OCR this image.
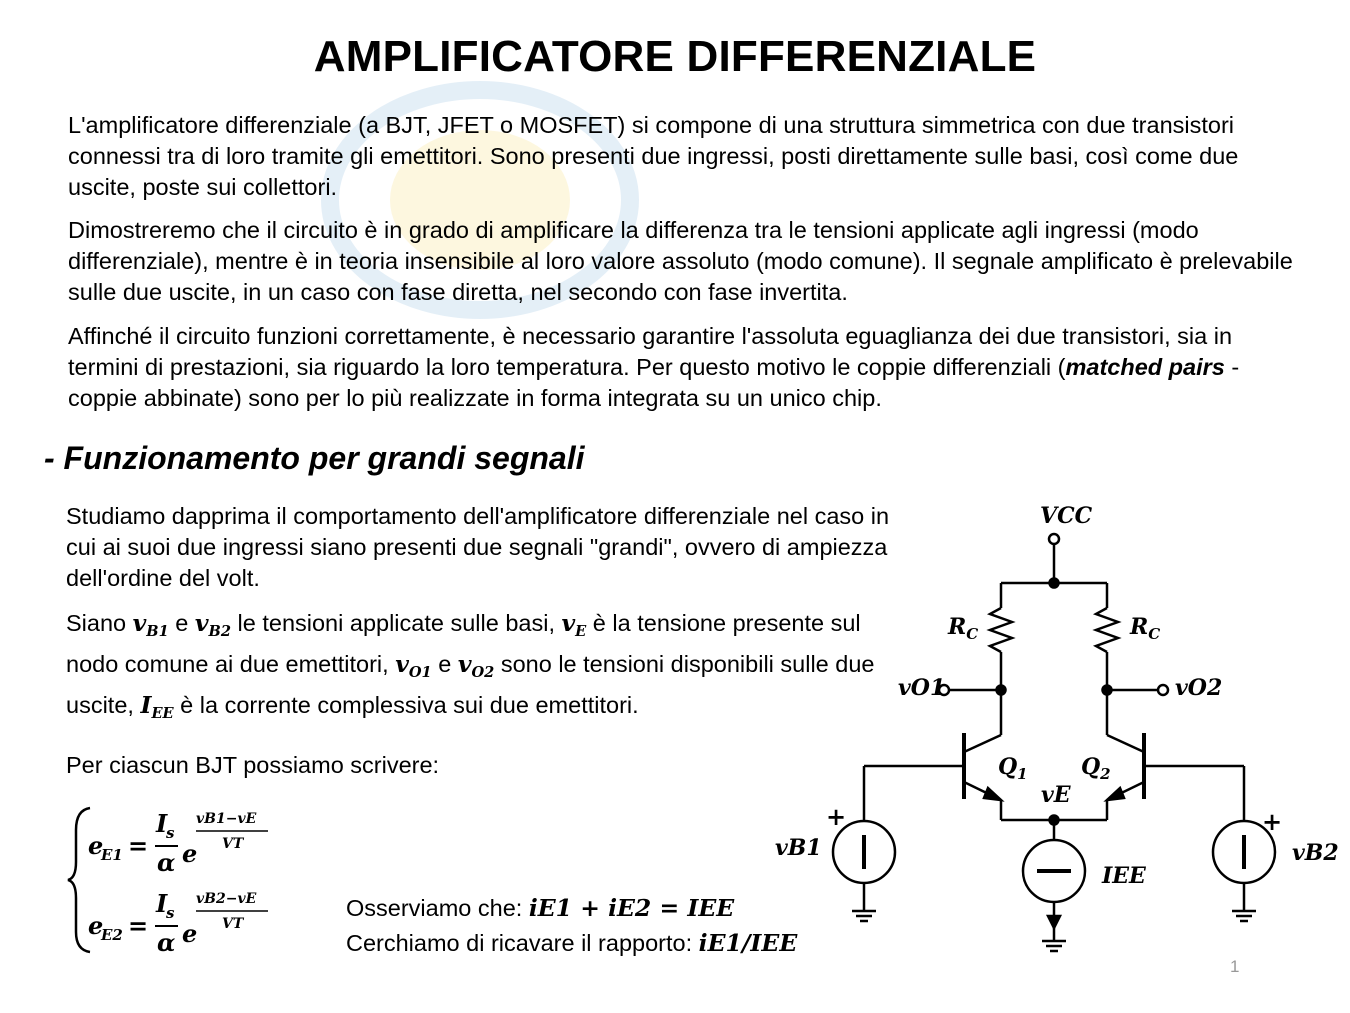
AMPLIFICATORE DIFFERENZIALE
L'amplificatore differenziale (a BJT, JFET o MOSFET) si compone di una struttura simmetrica con due transistori connessi tra di loro tramite gli emettitori. Sono presenti due ingressi, posti direttamente sulle basi, così come due uscite, poste sui collettori.
Dimostreremo che il circuito è in grado di amplificare la differenza tra le tensioni applicate agli ingressi (modo differenziale), mentre è in teoria insensibile al loro valore assoluto (modo comune). Il segnale amplificato è prelevabile sulle due uscite, in un caso con fase diretta, nel secondo con fase invertita.
Affinché il circuito funzioni correttamente, è necessario garantire l'assoluta eguaglianza dei due transistori, sia in termini di prestazioni, sia riguardo la loro temperatura. Per questo motivo le coppie differenziali (matched pairs - coppie abbinate) sono per lo più realizzate in forma integrata su un unico chip.
- Funzionamento per grandi segnali
Studiamo dapprima il comportamento dell'amplificatore differenziale nel caso in cui ai suoi due ingressi siano presenti due segnali "grandi", ovvero di ampiezza dell'ordine del volt.
Siano $v_{B1}$ e $v_{B2}$ le tensioni applicate sulle basi, $v_E$ è la tensione presente sul nodo comune ai due emettitori, $v_{O1}$ e $v_{O2}$ sono le tensioni disponibili sulle due uscite, $I_{EE}$ è la corrente complessiva sui due emettitori.
Per ciascun BJT possiamo scrivere:
e
E1 =
I
s
α e
vB1−vE
VT
e
E2 =
I
s
α e
vB2−vE
VT
VCC
$R_C$	$R_C$
vO1	vO2
$Q_1$ $Q_2$
vE
vB1	vB2
IEE
+	+
Osserviamo che: iE1 + iE2 = IEE
Cerchiamo di ricavare il rapporto: iE1/IEE
1
